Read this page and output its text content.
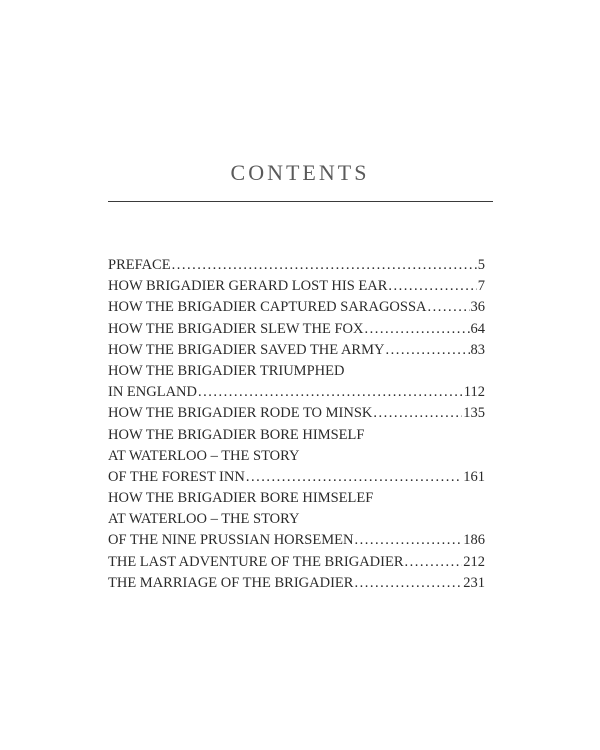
CONTENTS
PREFACE .....	5
HOW BRIGADIER GERARD LOST HIS EAR .....	7
HOW THE BRIGADIER CAPTURED SARAGOSSA .....	36
HOW THE BRIGADIER SLEW THE FOX .....	64
HOW THE BRIGADIER SAVED THE ARMY .....	83
HOW THE BRIGADIER TRIUMPHED
IN ENGLAND .....	112
HOW THE BRIGADIER RODE TO MINSK .....	135
HOW THE BRIGADIER BORE HIMSELF
AT WATERLOO – THE STORY
OF THE FOREST INN .....	161
HOW THE BRIGADIER BORE HIMSELEF
AT WATERLOO – THE STORY
OF THE NINE PRUSSIAN HORSEMEN .....	186
THE LAST ADVENTURE OF THE BRIGADIER .....	212
THE MARRIAGE OF THE BRIGADIER .....	231
